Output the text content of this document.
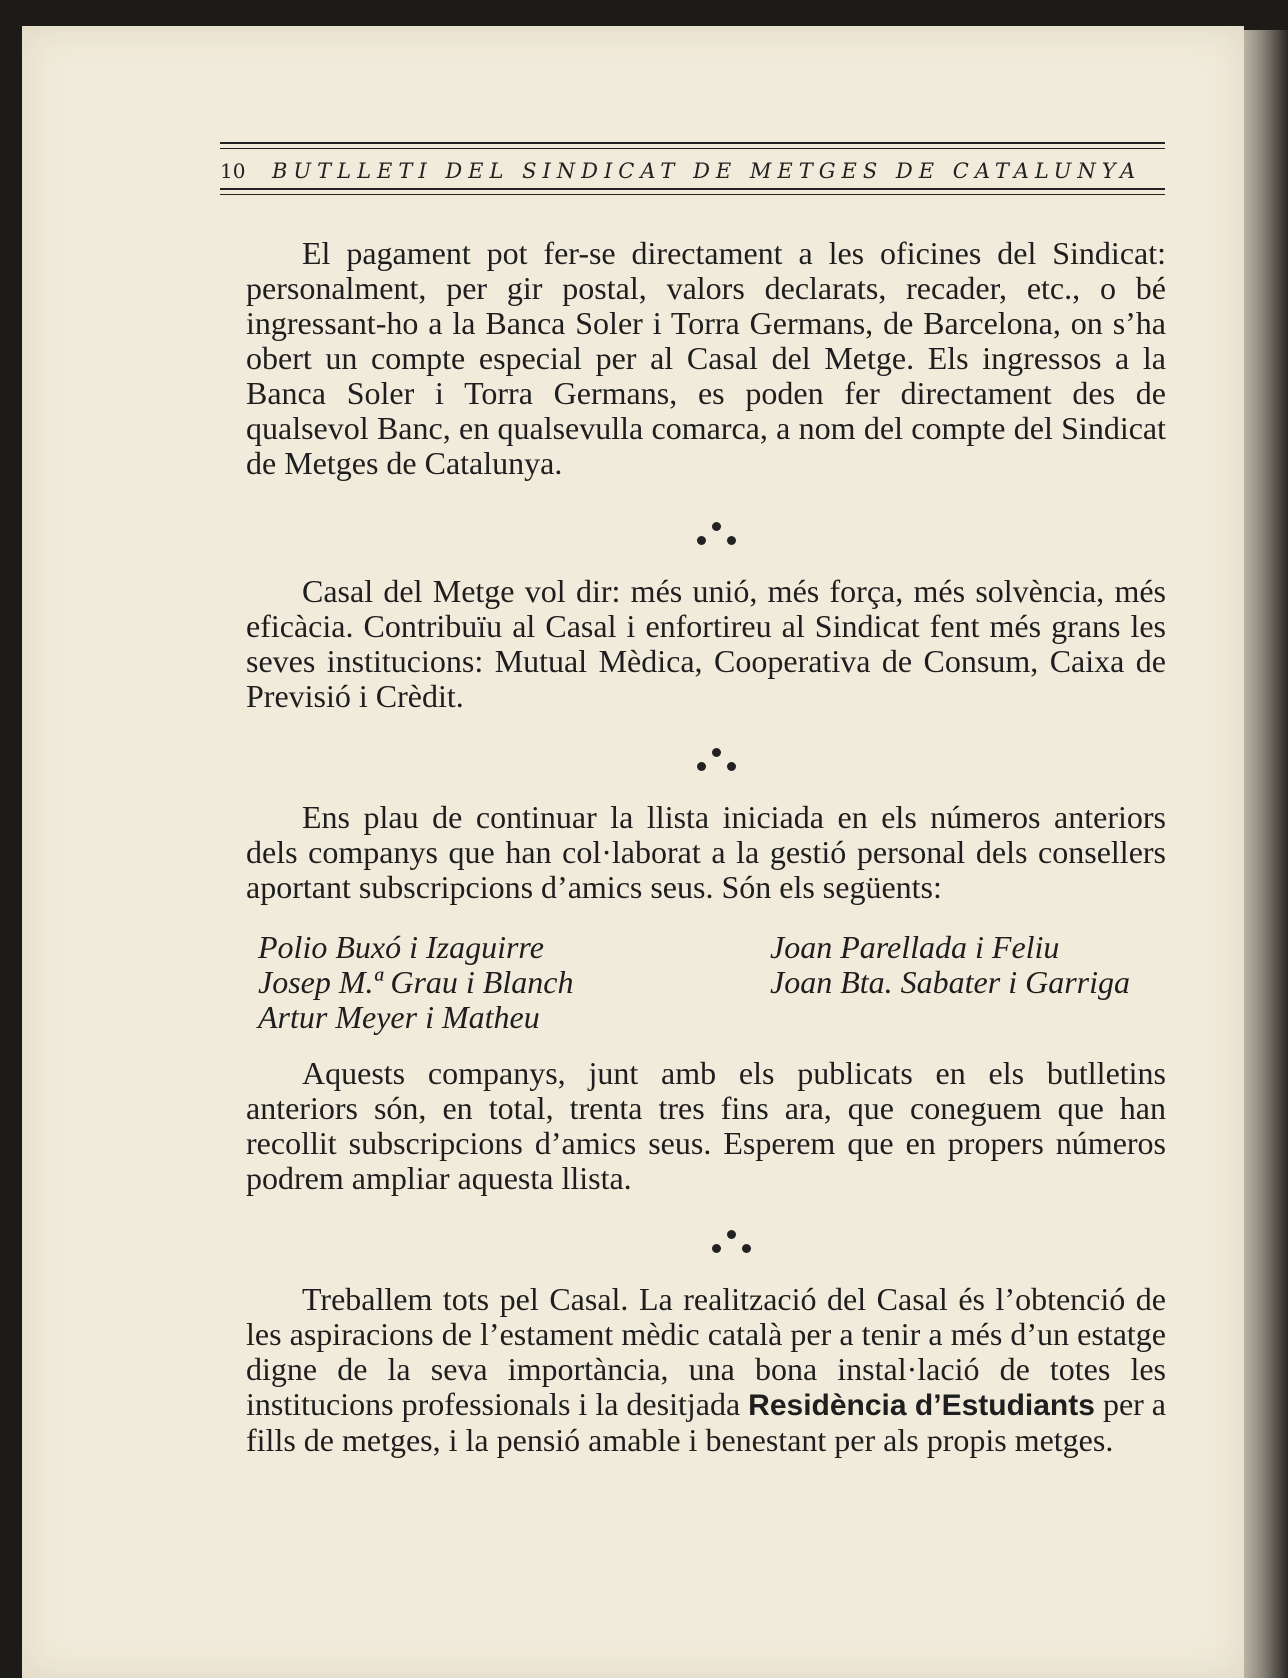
10	BUTLLETI DEL SINDICAT DE METGES DE CATALUNYA

El pagament pot fer-se directament a les oficines del Sindicat: personalment, per gir postal, valors declarats, recader, etc., o bé ingressant-ho a la Banca Soler i Torra Germans, de Barcelona, on s’ha obert un compte especial per al Casal del Metge. Els ingressos a la Banca Soler i Torra Germans, es poden fer directament des de qualsevol Banc, en qualsevulla comarca, a nom del compte del Sindicat de Metges de Catalunya.

Casal del Metge vol dir: més unió, més força, més solvència, més eficàcia. Contribuïu al Casal i enfortireu al Sindicat fent més grans les seves institucions: Mutual Mèdica, Cooperativa de Consum, Caixa de Previsió i Crèdit.

Ens plau de continuar la llista iniciada en els números anteriors dels companys que han col·laborat a la gestió personal dels consellers aportant subscripcions d’amics seus. Són els següents:

Polio Buxó i Izaguirre
Josep M.ª Grau i Blanch
Artur Meyer i Matheu
Joan Parellada i Feliu
Joan Bta. Sabater i Garriga

Aquests companys, junt amb els publicats en els butlletins anteriors són, en total, trenta tres fins ara, que coneguem que han recollit subscripcions d’amics seus. Esperem que en propers números podrem ampliar aquesta llista.

Treballem tots pel Casal. La realització del Casal és l’obtenció de les aspiracions de l’estament mèdic català per a tenir a més d’un estatge digne de la seva importància, una bona instal·lació de totes les institucions professionals i la desitjada Residència d’Estudiants per a fills de metges, i la pensió amable i benestant per als propis metges.
